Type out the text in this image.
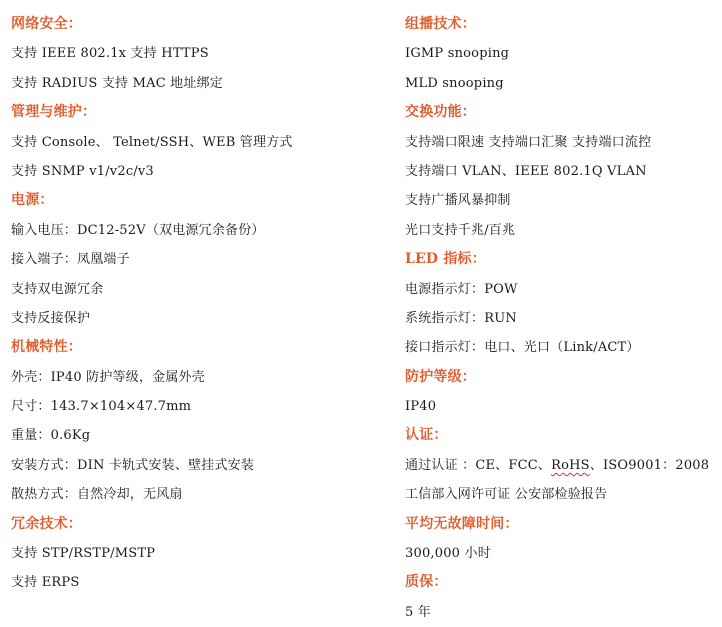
网络安全：
支持 IEEE 802.1x 支持 HTTPS
支持 RADIUS 支持 MAC 地址绑定
管理与维护：
支持 Console、 Telnet/SSH、WEB 管理方式
支持 SNMP v1/v2c/v3
电源：
输入电压：DC12-52V（双电源冗余备份）
接入端子：凤凰端子
支持双电源冗余
支持反接保护
机械特性：
外壳：IP40 防护等级，金属外壳
尺寸：143.7×104×47.7mm
重量：0.6Kg
安装方式：DIN 卡轨式安装、壁挂式安装
散热方式：自然冷却，无风扇
冗余技术：
支持 STP/RSTP/MSTP
支持 ERPS
组播技术：
IGMP snooping
MLD snooping
交换功能：
支持端口限速 支持端口汇聚 支持端口流控
支持端口 VLAN、IEEE 802.1Q VLAN
支持广播风暴抑制
光口支持千兆/百兆
LED 指标：
电源指示灯：POW
系统指示灯：RUN
接口指示灯：电口、光口（Link/ACT）
防护等级：
IP40
认证：
通过认证 ：CE、FCC、RoHS、ISO9001：2008
工信部入网许可证 公安部检验报告
平均无故障时间：
300,000 小时
质保：
5 年
